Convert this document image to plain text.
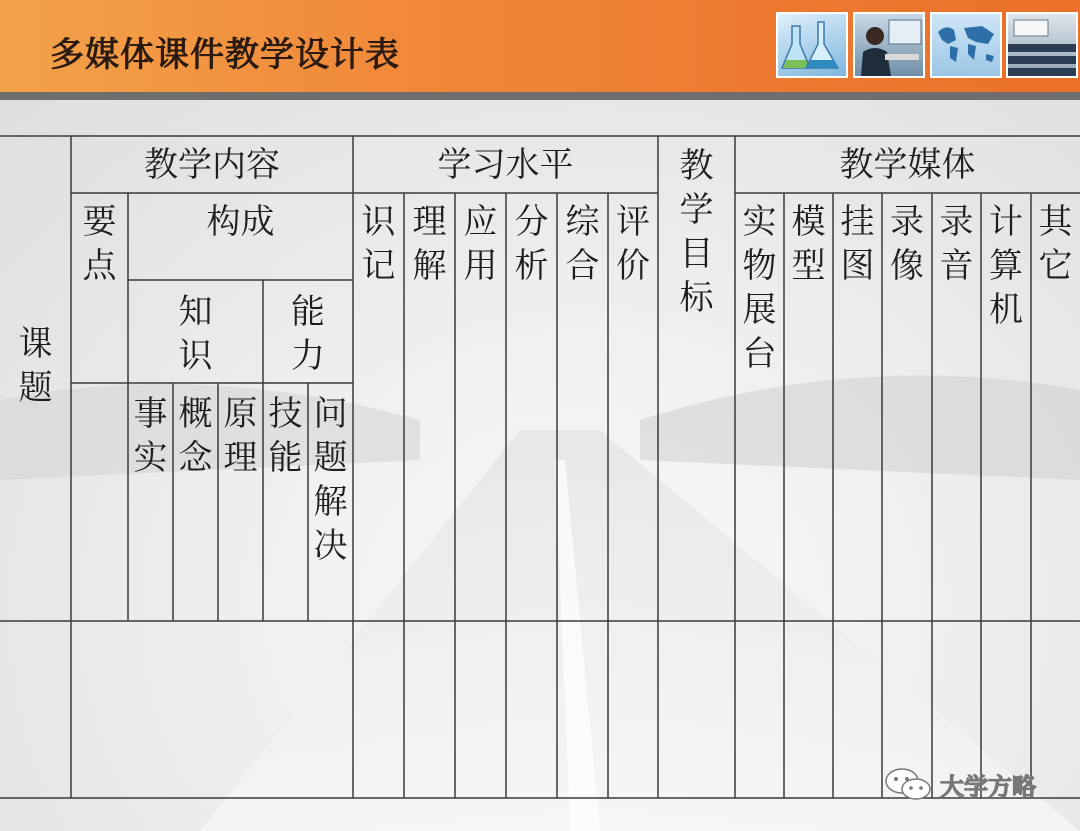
多媒体课件教学设计表
课
题
要
点
知
识
能
力
事
实
概
念
原
理
技
能
问
题
解
决
识
记
理
解
应
用
分
析
综
合
评
价
教
学
目
标
实
物
展
台
模
型
挂
图
录
像
录
音
计
算
机
其
它
教学内容
构成
学习水平	教学媒体
大学方略
